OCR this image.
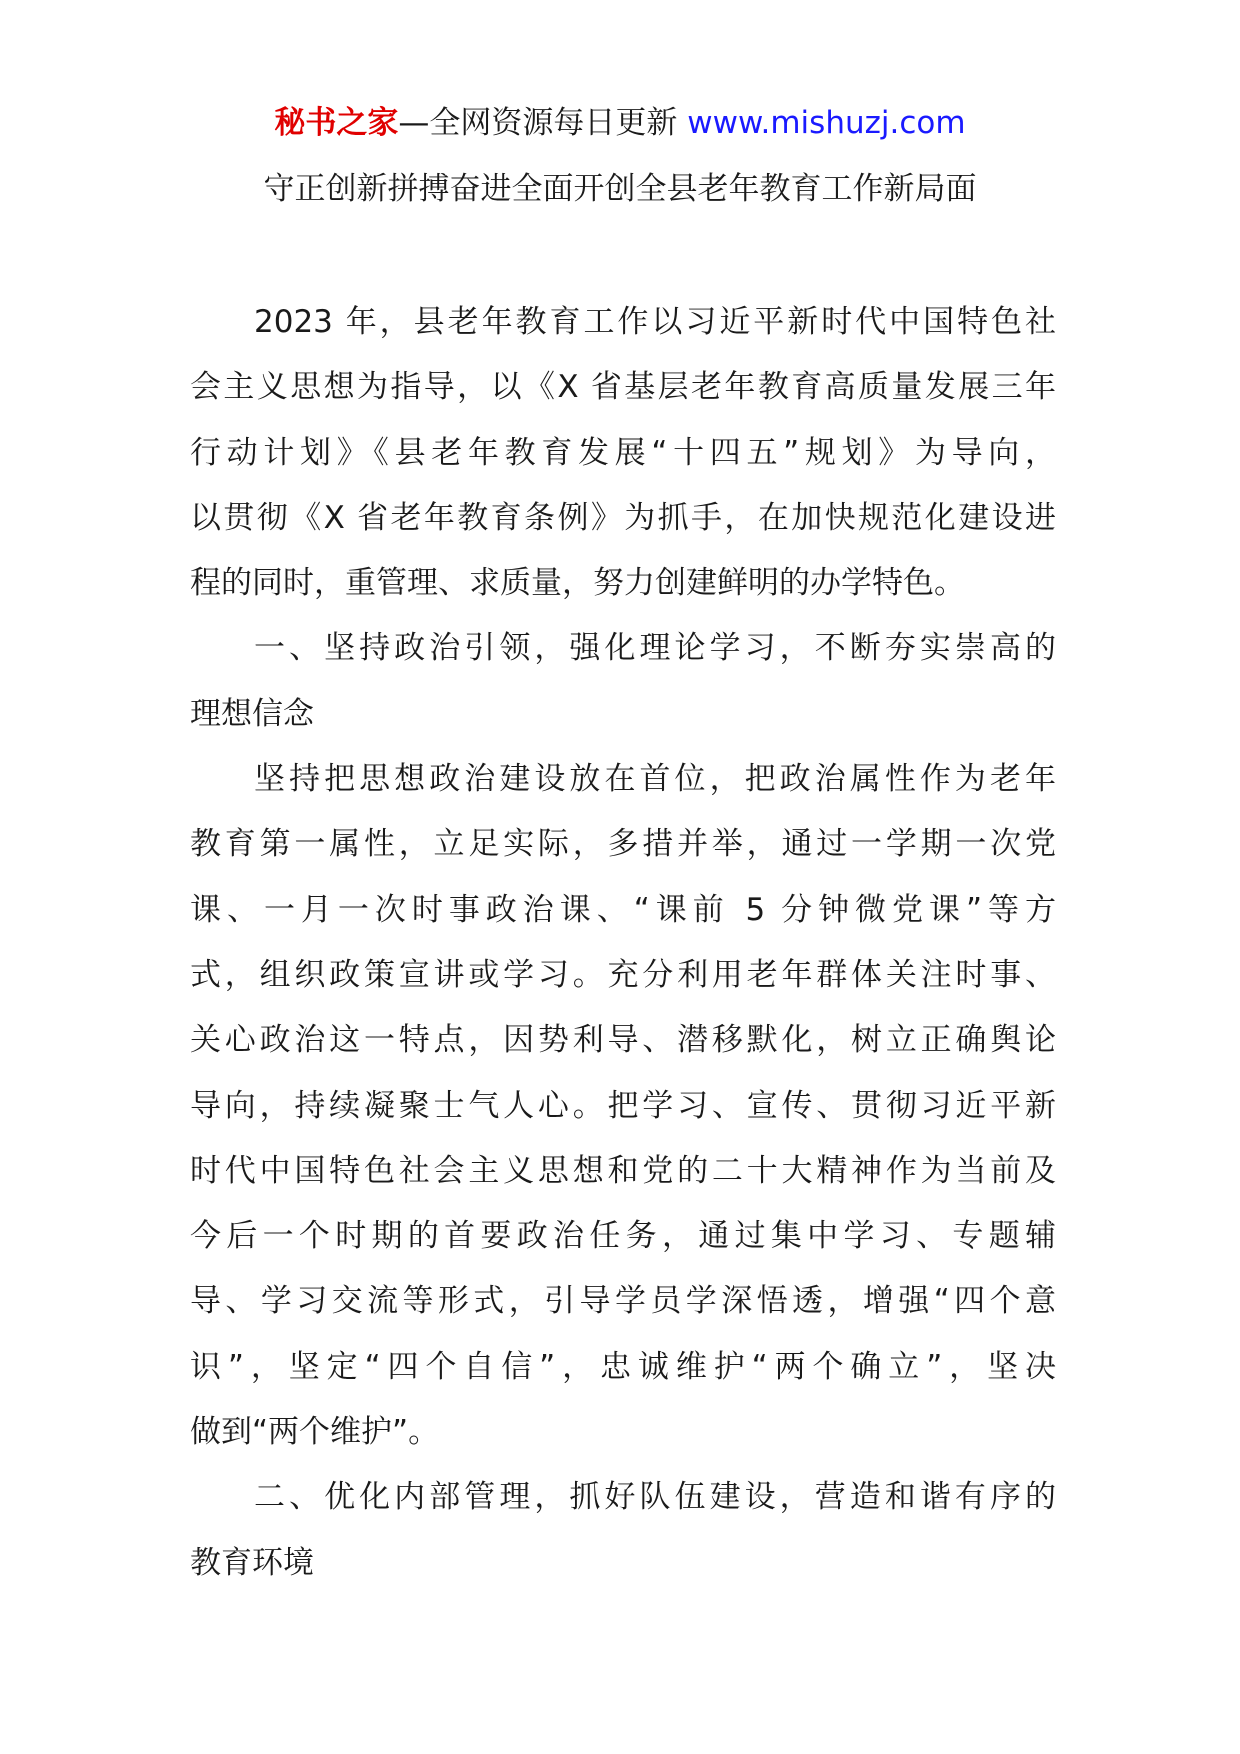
秘书之家—全网资源每日更新 www.mishuzj.com
守正创新拼搏奋进全面开创全县老年教育工作新局面
2023 年，县老年教育工作以习近平新时代中国特色社
会主义思想为指导，以《X 省基层老年教育高质量发展三年
行动计划》《县老年教育发展“十四五”规划》为导向，
以贯彻《X 省老年教育条例》为抓手，在加快规范化建设进
程的同时，重管理、求质量，努力创建鲜明的办学特色。
一、坚持政治引领，强化理论学习，不断夯实崇高的
理想信念
坚持把思想政治建设放在首位，把政治属性作为老年
教育第一属性，立足实际，多措并举，通过一学期一次党
课、一月一次时事政治课、“课前 5 分钟微党课”等方
式，组织政策宣讲或学习。充分利用老年群体关注时事、
关心政治这一特点，因势利导、潜移默化，树立正确舆论
导向，持续凝聚士气人心。把学习、宣传、贯彻习近平新
时代中国特色社会主义思想和党的二十大精神作为当前及
今后一个时期的首要政治任务，通过集中学习、专题辅
导、学习交流等形式，引导学员学深悟透，增强“四个意
识”，坚定“四个自信”，忠诚维护“两个确立”，坚决
做到“两个维护”。
二、优化内部管理，抓好队伍建设，营造和谐有序的
教育环境
